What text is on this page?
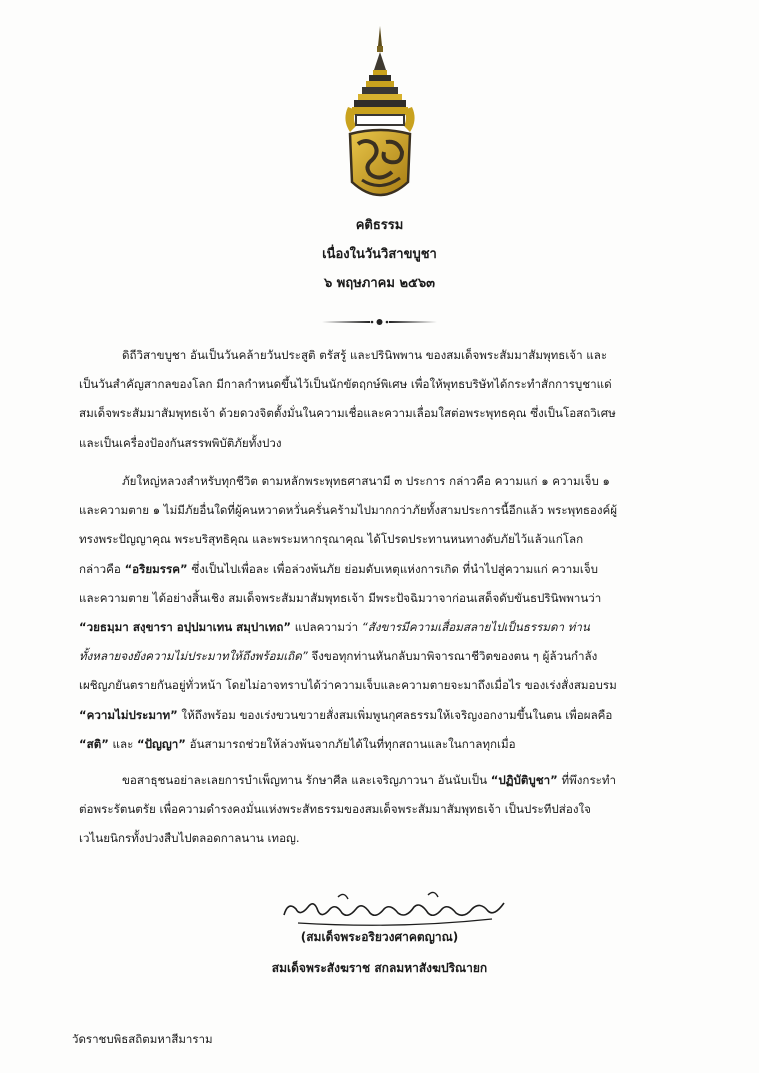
คติธรรม
เนื่องในวันวิสาขบูชา
๖ พฤษภาคม ๒๕๖๓

ดิถีวิสาขบูชา อันเป็นวันคล้ายวันประสูติ ตรัสรู้ และปรินิพพาน ของสมเด็จพระสัมมาสัมพุทธเจ้า และ
เป็นวันสำคัญสากลของโลก มีกาลกำหนดขึ้นไว้เป็นนักขัตฤกษ์พิเศษ เพื่อให้พุทธบริษัทได้กระทำสักการบูชาแด่
สมเด็จพระสัมมาสัมพุทธเจ้า ด้วยดวงจิตตั้งมั่นในความเชื่อและความเลื่อมใสต่อพระพุทธคุณ ซึ่งเป็นโอสถวิเศษ
และเป็นเครื่องป้องกันสรรพพิบัติภัยทั้งปวง

ภัยใหญ่หลวงสำหรับทุกชีวิต ตามหลักพระพุทธศาสนามี ๓ ประการ กล่าวคือ ความแก่ ๑ ความเจ็บ ๑
และความตาย ๑ ไม่มีภัยอื่นใดที่ผู้คนหวาดหวั่นครั่นคร้ามไปมากกว่าภัยทั้งสามประการนี้อีกแล้ว พระพุทธองค์ผู้
ทรงพระปัญญาคุณ พระบริสุทธิคุณ และพระมหากรุณาคุณ ได้โปรดประทานหนทางดับภัยไว้แล้วแก่โลก
กล่าวคือ “อริยมรรค” ซึ่งเป็นไปเพื่อละ เพื่อล่วงพ้นภัย ย่อมดับเหตุแห่งการเกิด ที่นำไปสู่ความแก่ ความเจ็บ
และความตาย ได้อย่างสิ้นเชิง สมเด็จพระสัมมาสัมพุทธเจ้า มีพระปัจฉิมวาจาก่อนเสด็จดับขันธปรินิพพานว่า
“วยธมฺมา สงฺขารา อปฺปมาเทน สมฺปาเทถ” แปลความว่า “สังขารมีความเสื่อมสลายไปเป็นธรรมดา ท่าน
ทั้งหลายจงยังความไม่ประมาทให้ถึงพร้อมเถิด” จึงขอทุกท่านหันกลับมาพิจารณาชีวิตของตน ๆ ผู้ล้วนกำลัง
เผชิญภยันตรายกันอยู่ทั่วหน้า โดยไม่อาจทราบได้ว่าความเจ็บและความตายจะมาถึงเมื่อไร ของเร่งสั่งสมอบรม
“ความไม่ประมาท” ให้ถึงพร้อม ของเร่งขวนขวายสั่งสมเพิ่มพูนกุศลธรรมให้เจริญงอกงามขึ้นในตน เพื่อผลคือ
“สติ” และ “ปัญญา” อันสามารถช่วยให้ล่วงพ้นจากภัยได้ในที่ทุกสถานและในกาลทุกเมื่อ

ขอสาธุชนอย่าละเลยการบำเพ็ญทาน รักษาศีล และเจริญภาวนา อันนับเป็น “ปฏิบัติบูชา” ที่พึงกระทำ
ต่อพระรัตนตรัย เพื่อความดำรงคงมั่นแห่งพระสัทธรรมของสมเด็จพระสัมมาสัมพุทธเจ้า เป็นประทีปส่องใจ
เวไนยนิกรทั้งปวงสืบไปตลอดกาลนาน เทอญ.

(สมเด็จพระอริยวงศาคตญาณ)
สมเด็จพระสังฆราช สกลมหาสังฆปริณายก
วัดราชบพิธสถิตมหาสีมาราม
